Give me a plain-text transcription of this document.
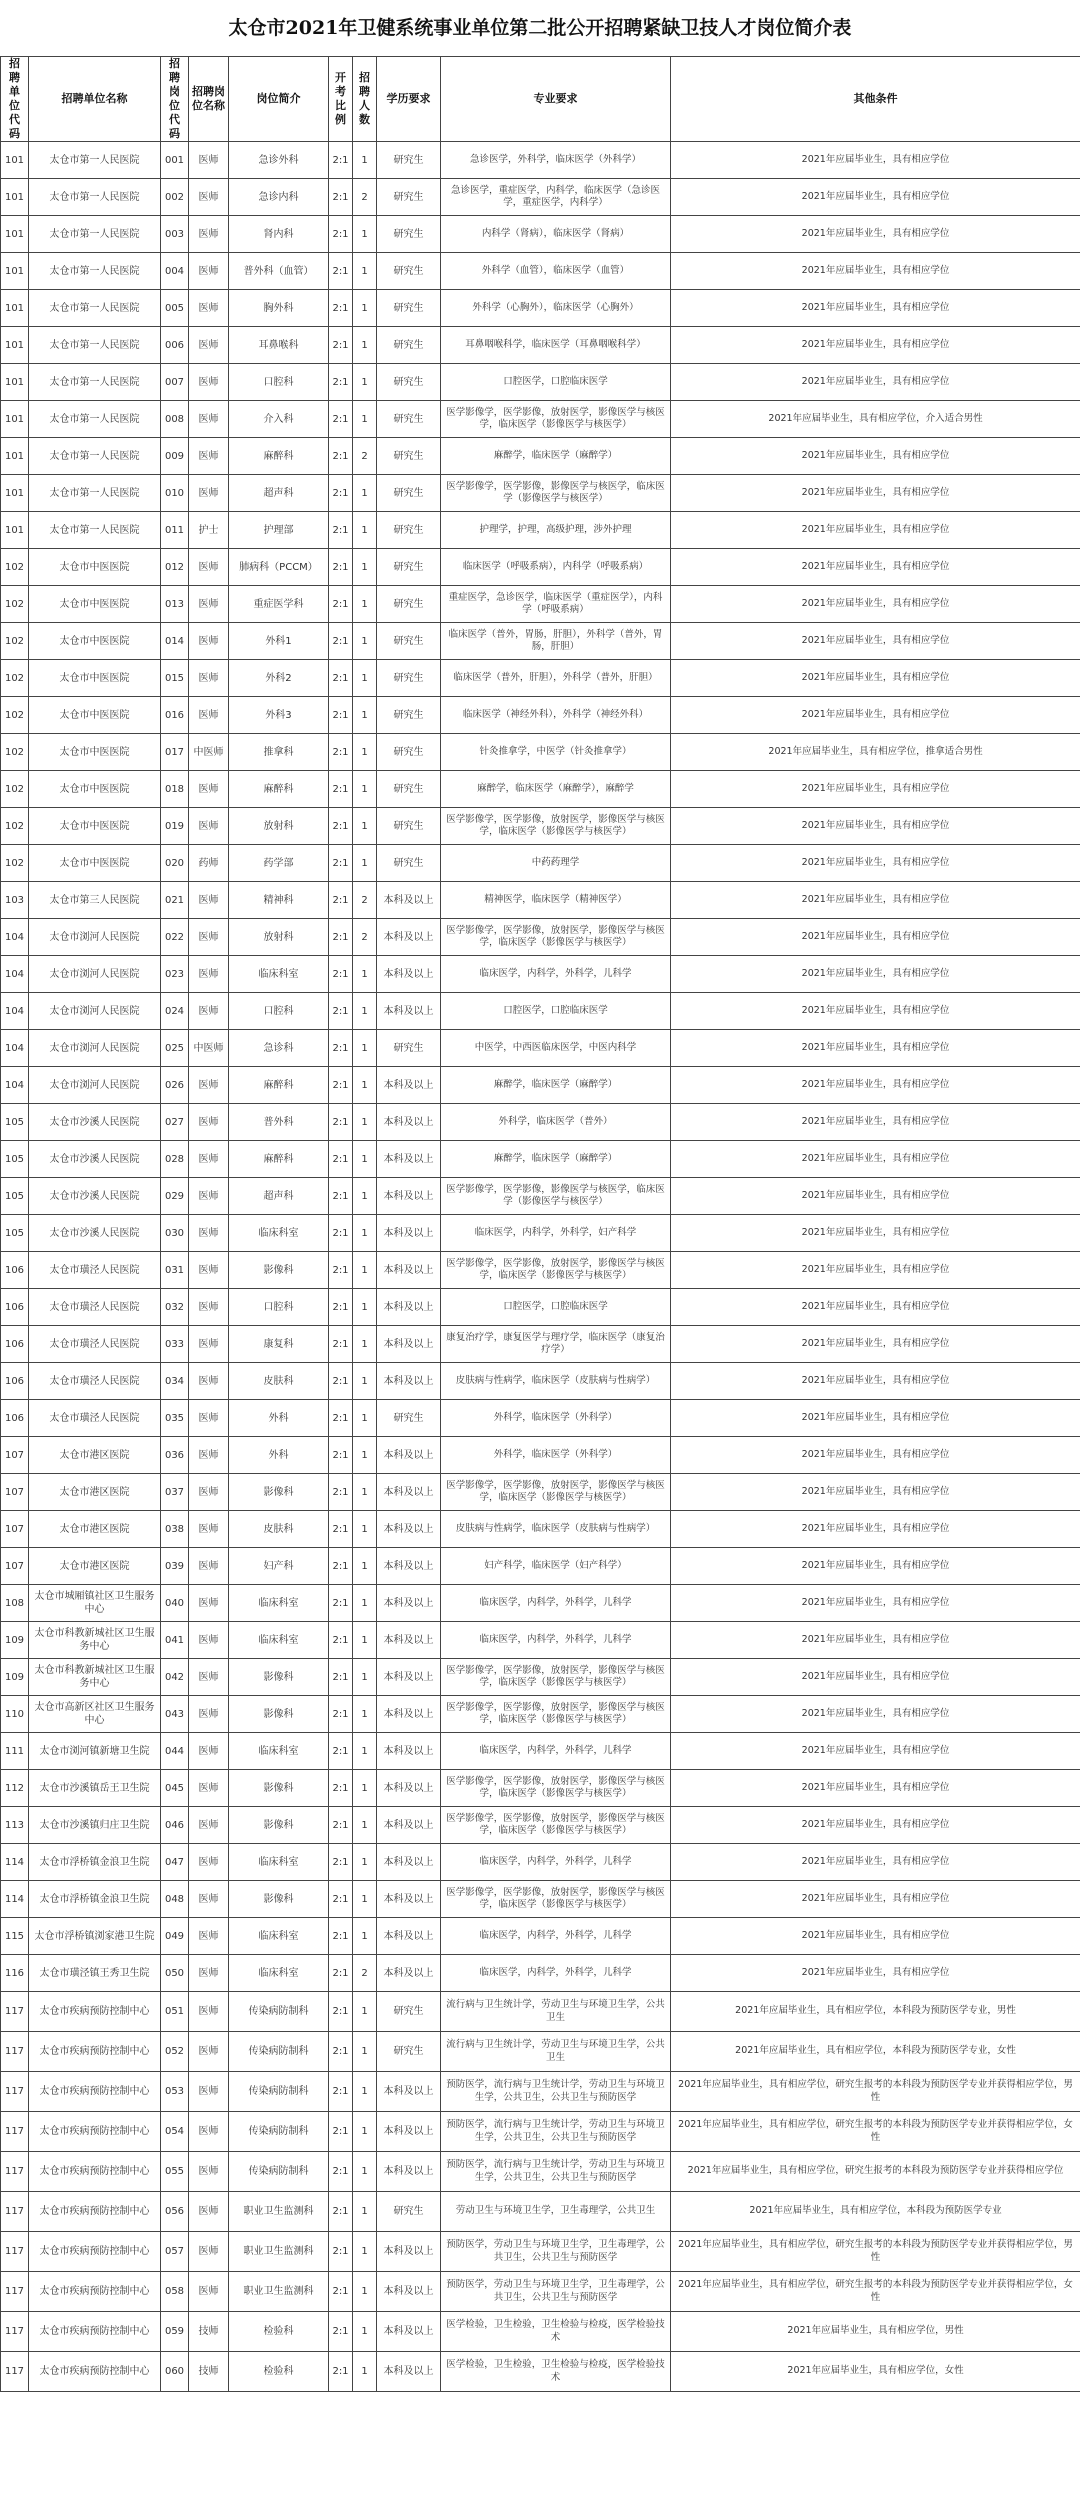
太仓市2021年卫健系统事业单位第二批公开招聘紧缺卫技人才岗位简介表
招聘单位代码	招聘单位名称	招聘岗位代码	招聘岗位名称	岗位简介	开考比例	招聘人数	学历要求	专业要求	其他条件
101	太仓市第一人民医院	001	医师	急诊外科	2:1	1	研究生	急诊医学，外科学，临床医学（外科学）	2021年应届毕业生，具有相应学位
101	太仓市第一人民医院	002	医师	急诊内科	2:1	2	研究生	急诊医学，重症医学，内科学，临床医学（急诊医学，重症医学，内科学）	2021年应届毕业生，具有相应学位
101	太仓市第一人民医院	003	医师	肾内科	2:1	1	研究生	内科学（肾病），临床医学（肾病）	2021年应届毕业生，具有相应学位
101	太仓市第一人民医院	004	医师	普外科（血管）	2:1	1	研究生	外科学（血管），临床医学（血管）	2021年应届毕业生，具有相应学位
101	太仓市第一人民医院	005	医师	胸外科	2:1	1	研究生	外科学（心胸外），临床医学（心胸外）	2021年应届毕业生，具有相应学位
101	太仓市第一人民医院	006	医师	耳鼻喉科	2:1	1	研究生	耳鼻咽喉科学，临床医学（耳鼻咽喉科学）	2021年应届毕业生，具有相应学位
101	太仓市第一人民医院	007	医师	口腔科	2:1	1	研究生	口腔医学，口腔临床医学	2021年应届毕业生，具有相应学位
101	太仓市第一人民医院	008	医师	介入科	2:1	1	研究生	医学影像学，医学影像，放射医学，影像医学与核医学，临床医学（影像医学与核医学）	2021年应届毕业生，具有相应学位，介入适合男性
101	太仓市第一人民医院	009	医师	麻醉科	2:1	2	研究生	麻醉学，临床医学（麻醉学）	2021年应届毕业生，具有相应学位
101	太仓市第一人民医院	010	医师	超声科	2:1	1	研究生	医学影像学，医学影像，影像医学与核医学，临床医学（影像医学与核医学）	2021年应届毕业生，具有相应学位
101	太仓市第一人民医院	011	护士	护理部	2:1	1	研究生	护理学，护理，高级护理，涉外护理	2021年应届毕业生，具有相应学位
102	太仓市中医医院	012	医师	肺病科（PCCM）	2:1	1	研究生	临床医学（呼吸系病），内科学（呼吸系病）	2021年应届毕业生，具有相应学位
102	太仓市中医医院	013	医师	重症医学科	2:1	1	研究生	重症医学，急诊医学，临床医学（重症医学），内科学（呼吸系病）	2021年应届毕业生，具有相应学位
102	太仓市中医医院	014	医师	外科1	2:1	1	研究生	临床医学（普外，胃肠，肝胆），外科学（普外，胃肠，肝胆）	2021年应届毕业生，具有相应学位
102	太仓市中医医院	015	医师	外科2	2:1	1	研究生	临床医学（普外，肝胆），外科学（普外，肝胆）	2021年应届毕业生，具有相应学位
102	太仓市中医医院	016	医师	外科3	2:1	1	研究生	临床医学（神经外科），外科学（神经外科）	2021年应届毕业生，具有相应学位
102	太仓市中医医院	017	中医师	推拿科	2:1	1	研究生	针灸推拿学，中医学（针灸推拿学）	2021年应届毕业生，具有相应学位，推拿适合男性
102	太仓市中医医院	018	医师	麻醉科	2:1	1	研究生	麻醉学，临床医学（麻醉学），麻醉学	2021年应届毕业生，具有相应学位
102	太仓市中医医院	019	医师	放射科	2:1	1	研究生	医学影像学，医学影像，放射医学，影像医学与核医学，临床医学（影像医学与核医学）	2021年应届毕业生，具有相应学位
102	太仓市中医医院	020	药师	药学部	2:1	1	研究生	中药药理学	2021年应届毕业生，具有相应学位
103	太仓市第三人民医院	021	医师	精神科	2:1	2	本科及以上	精神医学，临床医学（精神医学）	2021年应届毕业生，具有相应学位
104	太仓市浏河人民医院	022	医师	放射科	2:1	2	本科及以上	医学影像学，医学影像，放射医学，影像医学与核医学，临床医学（影像医学与核医学）	2021年应届毕业生，具有相应学位
104	太仓市浏河人民医院	023	医师	临床科室	2:1	1	本科及以上	临床医学，内科学，外科学，儿科学	2021年应届毕业生，具有相应学位
104	太仓市浏河人民医院	024	医师	口腔科	2:1	1	本科及以上	口腔医学，口腔临床医学	2021年应届毕业生，具有相应学位
104	太仓市浏河人民医院	025	中医师	急诊科	2:1	1	研究生	中医学，中西医临床医学，中医内科学	2021年应届毕业生，具有相应学位
104	太仓市浏河人民医院	026	医师	麻醉科	2:1	1	本科及以上	麻醉学，临床医学（麻醉学）	2021年应届毕业生，具有相应学位
105	太仓市沙溪人民医院	027	医师	普外科	2:1	1	本科及以上	外科学，临床医学（普外）	2021年应届毕业生，具有相应学位
105	太仓市沙溪人民医院	028	医师	麻醉科	2:1	1	本科及以上	麻醉学，临床医学（麻醉学）	2021年应届毕业生，具有相应学位
105	太仓市沙溪人民医院	029	医师	超声科	2:1	1	本科及以上	医学影像学，医学影像，影像医学与核医学，临床医学（影像医学与核医学）	2021年应届毕业生，具有相应学位
105	太仓市沙溪人民医院	030	医师	临床科室	2:1	1	本科及以上	临床医学，内科学，外科学，妇产科学	2021年应届毕业生，具有相应学位
106	太仓市璜泾人民医院	031	医师	影像科	2:1	1	本科及以上	医学影像学，医学影像，放射医学，影像医学与核医学，临床医学（影像医学与核医学）	2021年应届毕业生，具有相应学位
106	太仓市璜泾人民医院	032	医师	口腔科	2:1	1	本科及以上	口腔医学，口腔临床医学	2021年应届毕业生，具有相应学位
106	太仓市璜泾人民医院	033	医师	康复科	2:1	1	本科及以上	康复治疗学，康复医学与理疗学，临床医学（康复治疗学）	2021年应届毕业生，具有相应学位
106	太仓市璜泾人民医院	034	医师	皮肤科	2:1	1	本科及以上	皮肤病与性病学，临床医学（皮肤病与性病学）	2021年应届毕业生，具有相应学位
106	太仓市璜泾人民医院	035	医师	外科	2:1	1	研究生	外科学，临床医学（外科学）	2021年应届毕业生，具有相应学位
107	太仓市港区医院	036	医师	外科	2:1	1	本科及以上	外科学，临床医学（外科学）	2021年应届毕业生，具有相应学位
107	太仓市港区医院	037	医师	影像科	2:1	1	本科及以上	医学影像学，医学影像，放射医学，影像医学与核医学，临床医学（影像医学与核医学）	2021年应届毕业生，具有相应学位
107	太仓市港区医院	038	医师	皮肤科	2:1	1	本科及以上	皮肤病与性病学，临床医学（皮肤病与性病学）	2021年应届毕业生，具有相应学位
107	太仓市港区医院	039	医师	妇产科	2:1	1	本科及以上	妇产科学，临床医学（妇产科学）	2021年应届毕业生，具有相应学位
108	太仓市城厢镇社区卫生服务中心	040	医师	临床科室	2:1	1	本科及以上	临床医学，内科学，外科学，儿科学	2021年应届毕业生，具有相应学位
109	太仓市科教新城社区卫生服务中心	041	医师	临床科室	2:1	1	本科及以上	临床医学，内科学，外科学，儿科学	2021年应届毕业生，具有相应学位
109	太仓市科教新城社区卫生服务中心	042	医师	影像科	2:1	1	本科及以上	医学影像学，医学影像，放射医学，影像医学与核医学，临床医学（影像医学与核医学）	2021年应届毕业生，具有相应学位
110	太仓市高新区社区卫生服务中心	043	医师	影像科	2:1	1	本科及以上	医学影像学，医学影像，放射医学，影像医学与核医学，临床医学（影像医学与核医学）	2021年应届毕业生，具有相应学位
111	太仓市浏河镇新塘卫生院	044	医师	临床科室	2:1	1	本科及以上	临床医学，内科学，外科学，儿科学	2021年应届毕业生，具有相应学位
112	太仓市沙溪镇岳王卫生院	045	医师	影像科	2:1	1	本科及以上	医学影像学，医学影像，放射医学，影像医学与核医学，临床医学（影像医学与核医学）	2021年应届毕业生，具有相应学位
113	太仓市沙溪镇归庄卫生院	046	医师	影像科	2:1	1	本科及以上	医学影像学，医学影像，放射医学，影像医学与核医学，临床医学（影像医学与核医学）	2021年应届毕业生，具有相应学位
114	太仓市浮桥镇金浪卫生院	047	医师	临床科室	2:1	1	本科及以上	临床医学，内科学，外科学，儿科学	2021年应届毕业生，具有相应学位
114	太仓市浮桥镇金浪卫生院	048	医师	影像科	2:1	1	本科及以上	医学影像学，医学影像，放射医学，影像医学与核医学，临床医学（影像医学与核医学）	2021年应届毕业生，具有相应学位
115	太仓市浮桥镇浏家港卫生院	049	医师	临床科室	2:1	1	本科及以上	临床医学，内科学，外科学，儿科学	2021年应届毕业生，具有相应学位
116	太仓市璜泾镇王秀卫生院	050	医师	临床科室	2:1	2	本科及以上	临床医学，内科学，外科学，儿科学	2021年应届毕业生，具有相应学位
117	太仓市疾病预防控制中心	051	医师	传染病防制科	2:1	1	研究生	流行病与卫生统计学，劳动卫生与环境卫生学，公共卫生	2021年应届毕业生，具有相应学位，本科段为预防医学专业，男性
117	太仓市疾病预防控制中心	052	医师	传染病防制科	2:1	1	研究生	流行病与卫生统计学，劳动卫生与环境卫生学，公共卫生	2021年应届毕业生，具有相应学位，本科段为预防医学专业，女性
117	太仓市疾病预防控制中心	053	医师	传染病防制科	2:1	1	本科及以上	预防医学，流行病与卫生统计学，劳动卫生与环境卫生学，公共卫生，公共卫生与预防医学	2021年应届毕业生，具有相应学位，研究生报考的本科段为预防医学专业并获得相应学位，男性
117	太仓市疾病预防控制中心	054	医师	传染病防制科	2:1	1	本科及以上	预防医学，流行病与卫生统计学，劳动卫生与环境卫生学，公共卫生，公共卫生与预防医学	2021年应届毕业生，具有相应学位，研究生报考的本科段为预防医学专业并获得相应学位，女性
117	太仓市疾病预防控制中心	055	医师	传染病防制科	2:1	1	本科及以上	预防医学，流行病与卫生统计学，劳动卫生与环境卫生学，公共卫生，公共卫生与预防医学	2021年应届毕业生，具有相应学位，研究生报考的本科段为预防医学专业并获得相应学位
117	太仓市疾病预防控制中心	056	医师	职业卫生监测科	2:1	1	研究生	劳动卫生与环境卫生学，卫生毒理学，公共卫生	2021年应届毕业生，具有相应学位，本科段为预防医学专业
117	太仓市疾病预防控制中心	057	医师	职业卫生监测科	2:1	1	本科及以上	预防医学，劳动卫生与环境卫生学，卫生毒理学，公共卫生，公共卫生与预防医学	2021年应届毕业生，具有相应学位，研究生报考的本科段为预防医学专业并获得相应学位，男性
117	太仓市疾病预防控制中心	058	医师	职业卫生监测科	2:1	1	本科及以上	预防医学，劳动卫生与环境卫生学，卫生毒理学，公共卫生，公共卫生与预防医学	2021年应届毕业生，具有相应学位，研究生报考的本科段为预防医学专业并获得相应学位，女性
117	太仓市疾病预防控制中心	059	技师	检验科	2:1	1	本科及以上	医学检验，卫生检验，卫生检验与检疫，医学检验技术	2021年应届毕业生，具有相应学位，男性
117	太仓市疾病预防控制中心	060	技师	检验科	2:1	1	本科及以上	医学检验，卫生检验，卫生检验与检疫，医学检验技术	2021年应届毕业生，具有相应学位，女性
